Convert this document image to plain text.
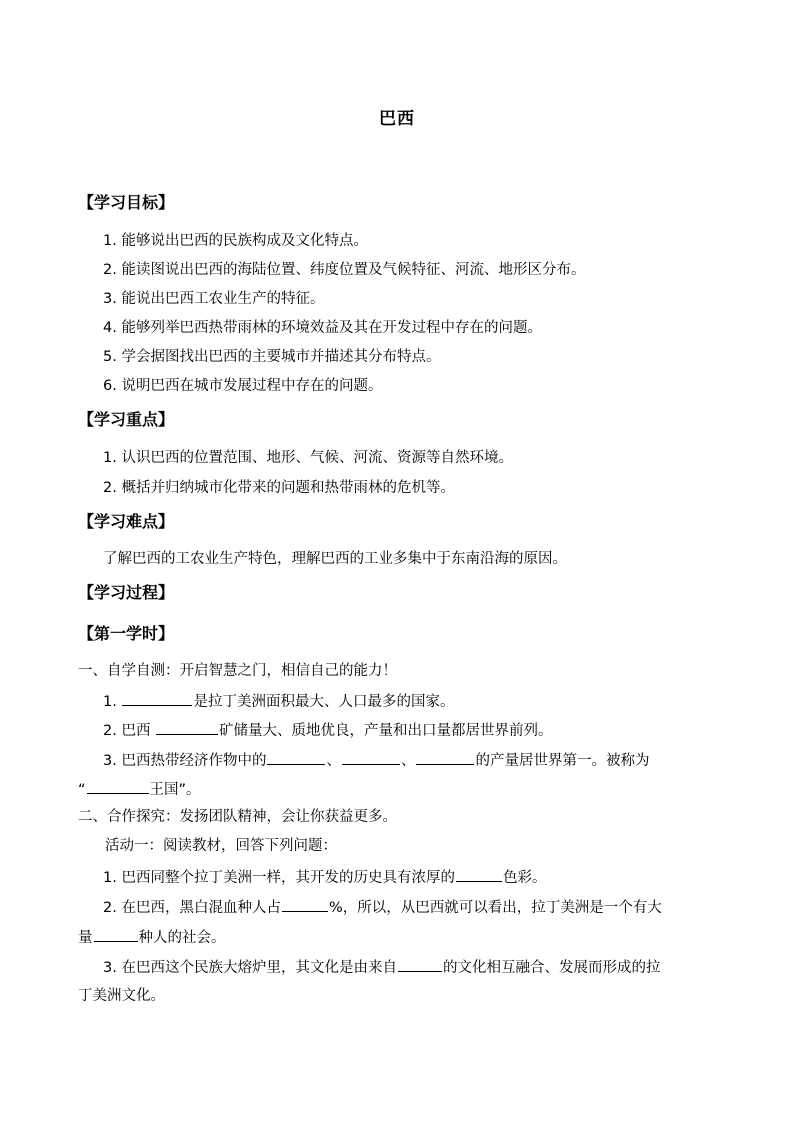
巴西
【学习目标】
1. 能够说出巴西的民族构成及文化特点。
2. 能读图说出巴西的海陆位置、纬度位置及气候特征、河流、地形区分布。
3. 能说出巴西工农业生产的特征。
4. 能够列举巴西热带雨林的环境效益及其在开发过程中存在的问题。
5. 学会据图找出巴西的主要城市并描述其分布特点。
6. 说明巴西在城市发展过程中存在的问题。
【学习重点】
1. 认识巴西的位置范围、地形、气候、河流、资源等自然环境。
2. 概括并归纳城市化带来的问题和热带雨林的危机等。
【学习难点】
了解巴西的工农业生产特色，理解巴西的工业多集中于东南沿海的原因。
【学习过程】
【第一学时】
一、自学自测：开启智慧之门，相信自己的能力！
1.	是拉丁美洲面积最大、人口最多的国家。
2. 巴西	矿储量大、质地优良，产量和出口量都居世界前列。
3. 巴西热带经济作物中的	、	、	的产量居世界第一。被称为
“	王国”。
二、合作探究：发扬团队精神，会让你获益更多。
活动一：阅读教材，回答下列问题：
1. 巴西同整个拉丁美洲一样，其开发的历史具有浓厚的	色彩。
2. 在巴西，黑白混血种人占	%，所以，从巴西就可以看出，拉丁美洲是一个有大
量	种人的社会。
3. 在巴西这个民族大熔炉里，其文化是由来自	的文化相互融合、发展而形成的拉
丁美洲文化。
